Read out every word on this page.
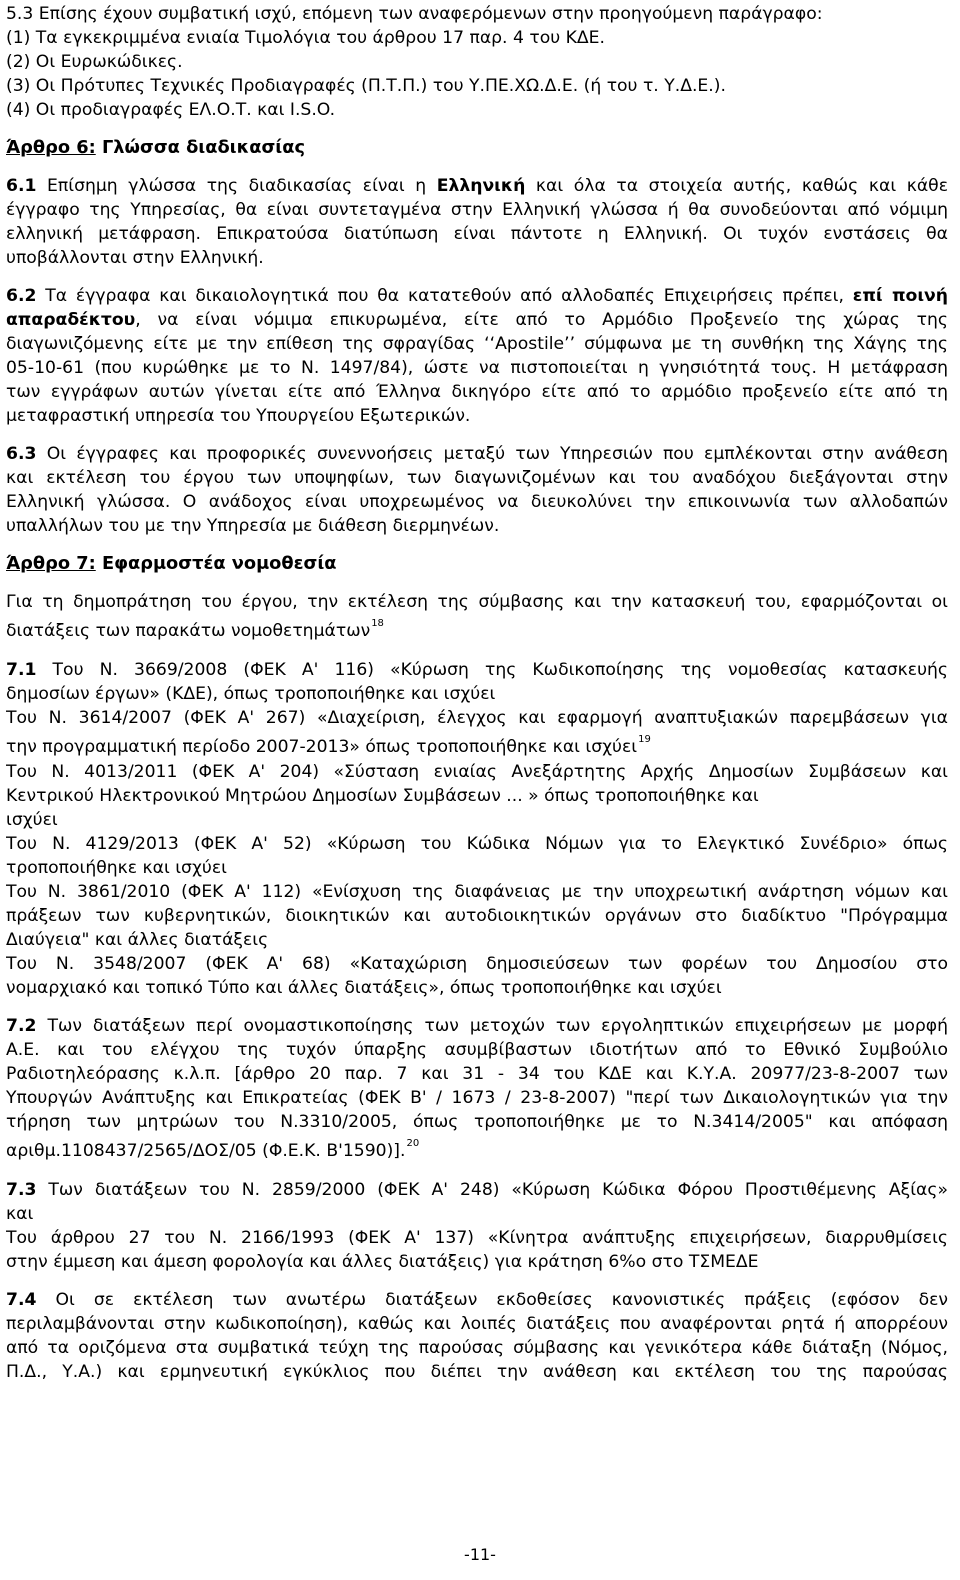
5.3 Επίσης έχουν συμβατική ισχύ, επόμενη των αναφερόμενων στην προηγούμενη παράγραφο:
(1) Τα εγκεκριμμένα ενιαία Τιμολόγια του άρθρου 17 παρ. 4 του ΚΔΕ.
(2) Οι Ευρωκώδικες.
(3) Οι Πρότυπες Τεχνικές Προδιαγραφές (Π.Τ.Π.) του Υ.ΠΕ.ΧΩ.Δ.Ε. (ή του τ. Υ.Δ.Ε.).
(4) Οι προδιαγραφές ΕΛ.Ο.Τ. και I.S.O.
Άρθρο 6: Γλώσσα διαδικασίας
6.1 Επίσημη γλώσσα της διαδικασίας είναι η Ελληνική και όλα τα στοιχεία αυτής, καθώς και κάθε
έγγραφο της Υπηρεσίας, θα είναι συντεταγμένα στην Ελληνική γλώσσα ή θα συνοδεύονται από νόμιμη
ελληνική μετάφραση. Επικρατούσα διατύπωση είναι πάντοτε η Ελληνική. Οι τυχόν ενστάσεις θα
υποβάλλονται στην Ελληνική.
6.2 Τα έγγραφα και δικαιολογητικά που θα κατατεθούν από αλλοδαπές Επιχειρήσεις πρέπει, επί ποινή
απαραδέκτου, να είναι νόμιμα επικυρωμένα, είτε από το Αρμόδιο Προξενείο της χώρας της
διαγωνιζόμενης είτε με την επίθεση της σφραγίδας ‘‘Apostile’’ σύμφωνα με τη συνθήκη της Χάγης της
05-10-61 (που κυρώθηκε με το Ν. 1497/84), ώστε να πιστοποιείται η γνησιότητά τους. Η μετάφραση
των εγγράφων αυτών γίνεται είτε από Έλληνα δικηγόρο είτε από το αρμόδιο προξενείο είτε από τη
μεταφραστική υπηρεσία του Υπουργείου Εξωτερικών.
6.3 Οι έγγραφες και προφορικές συνεννοήσεις μεταξύ των Υπηρεσιών που εμπλέκονται στην ανάθεση
και εκτέλεση του έργου των υποψηφίων, των διαγωνιζομένων και του αναδόχου διεξάγονται στην
Ελληνική γλώσσα. Ο ανάδοχος είναι υποχρεωμένος να διευκολύνει την επικοινωνία των αλλοδαπών
υπαλλήλων του με την Υπηρεσία με διάθεση διερμηνέων.
Άρθρο 7: Εφαρμοστέα νομοθεσία
Για τη δημοπράτηση του έργου, την εκτέλεση της σύμβασης και την κατασκευή του, εφαρμόζονται οι
διατάξεις των παρακάτω νομοθετημάτων$^{18}$
7.1 Του Ν. 3669/2008 (ΦΕΚ Α' 116) «Κύρωση της Κωδικοποίησης της νομοθεσίας κατασκευής
δημοσίων έργων» (ΚΔΕ), όπως τροποποιήθηκε και ισχύει
Του Ν. 3614/2007 (ΦΕΚ Α' 267) «Διαχείριση, έλεγχος και εφαρμογή αναπτυξιακών παρεμβάσεων για
την προγραμματική περίοδο 2007-2013» όπως τροποποιήθηκε και ισχύει$^{19}$
Του Ν. 4013/2011 (ΦΕΚ Α' 204) «Σύσταση ενιαίας Ανεξάρτητης Αρχής Δημοσίων Συμβάσεων και
Κεντρικού Ηλεκτρονικού Μητρώου Δημοσίων Συμβάσεων ... » όπως τροποποιήθηκε και
ισχύει
Του Ν. 4129/2013 (ΦΕΚ Α' 52) «Κύρωση του Κώδικα Νόμων για το Ελεγκτικό Συνέδριο» όπως
τροποποιήθηκε και ισχύει
Του Ν. 3861/2010 (ΦΕΚ Α' 112) «Ενίσχυση της διαφάνειας με την υποχρεωτική ανάρτηση νόμων και
πράξεων των κυβερνητικών, διοικητικών και αυτοδιοικητικών οργάνων στο διαδίκτυο "Πρόγραμμα
Διαύγεια" και άλλες διατάξεις
Του Ν. 3548/2007 (ΦΕΚ Α' 68) «Καταχώριση δημοσιεύσεων των φορέων του Δημοσίου στο
νομαρχιακό και τοπικό Τύπο και άλλες διατάξεις», όπως τροποποιήθηκε και ισχύει
7.2 Των διατάξεων περί ονομαστικοποίησης των μετοχών των εργοληπτικών επιχειρήσεων με μορφή
Α.Ε. και του ελέγχου της τυχόν ύπαρξης ασυμβίβαστων ιδιοτήτων από το Εθνικό Συμβούλιο
Ραδιοτηλεόρασης κ.λ.π. [άρθρο 20 παρ. 7 και 31 - 34 του ΚΔΕ και Κ.Υ.Α. 20977/23-8-2007 των
Υπουργών Ανάπτυξης και Επικρατείας (ΦΕΚ Β' / 1673 / 23-8-2007) "περί των Δικαιολογητικών για την
τήρηση των μητρώων του Ν.3310/2005, όπως τροποποιήθηκε με το Ν.3414/2005" και απόφαση
αριθμ.1108437/2565/ΔΟΣ/05 (Φ.Ε.Κ. Β'1590)].$^{20}$
7.3 Των διατάξεων του Ν. 2859/2000 (ΦΕΚ Α' 248) «Κύρωση Κώδικα Φόρου Προστιθέμενης Αξίας»
και
Του άρθρου 27 του Ν. 2166/1993 (ΦΕΚ Α' 137) «Κίνητρα ανάπτυξης επιχειρήσεων, διαρρυθμίσεις
στην έμμεση και άμεση φορολογία και άλλες διατάξεις) για κράτηση 6%ο στο ΤΣΜΕΔΕ
7.4 Οι σε εκτέλεση των ανωτέρω διατάξεων εκδοθείσες κανονιστικές πράξεις (εφόσον δεν
περιλαμβάνονται στην κωδικοποίηση), καθώς και λοιπές διατάξεις που αναφέρονται ρητά ή απορρέουν
από τα οριζόμενα στα συμβατικά τεύχη της παρούσας σύμβασης και γενικότερα κάθε διάταξη (Νόμος,
Π.Δ., Υ.Α.) και ερμηνευτική εγκύκλιος που διέπει την ανάθεση και εκτέλεση του της παρούσας
-11-
